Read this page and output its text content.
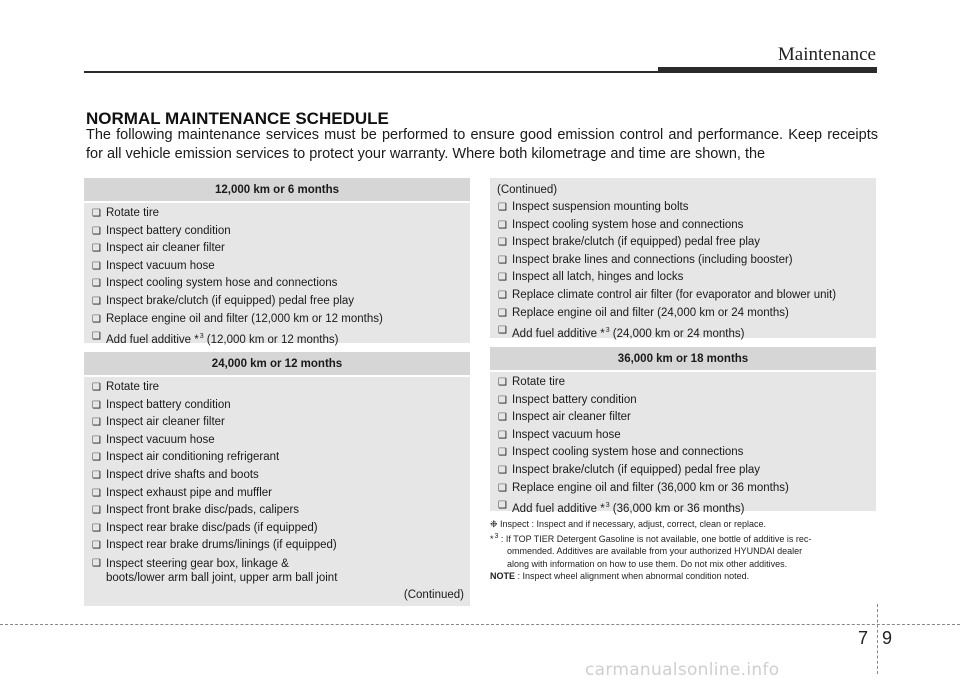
Maintenance
NORMAL MAINTENANCE SCHEDULE
The following maintenance services must be performed to ensure good emission control and performance. Keep receipts for all vehicle emission services to protect your warranty. Where both kilometrage and time are shown, the
12,000 km or 6 months
❑ Rotate tire
❑ Inspect battery condition
❑ Inspect air cleaner filter
❑ Inspect vacuum hose
❑ Inspect cooling system hose and connections
❑ Inspect brake/clutch (if equipped) pedal free play
❑ Replace engine oil and filter (12,000 km or 12 months)
❑ Add fuel additive *$^3$ (12,000 km or 12 months)
24,000 km or 12 months
❑ Rotate tire
❑ Inspect battery condition
❑ Inspect air cleaner filter
❑ Inspect vacuum hose
❑ Inspect air conditioning refrigerant
❑ Inspect drive shafts and boots
❑ Inspect exhaust pipe and muffler
❑ Inspect front brake disc/pads, calipers
❑ Inspect rear brake disc/pads (if equipped)
❑ Inspect rear brake drums/linings (if equipped)
❑ Inspect steering gear box, linkage &
boots/lower arm ball joint, upper arm ball joint
(Continued)
(Continued)
❑ Inspect suspension mounting bolts
❑ Inspect cooling system hose and connections
❑ Inspect brake/clutch (if equipped) pedal free play
❑ Inspect brake lines and connections (including booster)
❑ Inspect all latch, hinges and locks
❑ Replace climate control air filter (for evaporator and blower unit)
❑ Replace engine oil and filter (24,000 km or 24 months)
❑ Add fuel additive *$^3$ (24,000 km or 24 months)
36,000 km or 18 months
❑ Rotate tire
❑ Inspect battery condition
❑ Inspect air cleaner filter
❑ Inspect vacuum hose
❑ Inspect cooling system hose and connections
❑ Inspect brake/clutch (if equipped) pedal free play
❑ Replace engine oil and filter (36,000 km or 36 months)
❑ Add fuel additive *$^3$ (36,000 km or 36 months)
❉ Inspect : Inspect and if necessary, adjust, correct, clean or replace.
*$^3$ : If TOP TIER Detergent Gasoline is not available, one bottle of additive is rec-
ommended. Additives are available from your authorized HYUNDAI dealer
along with information on how to use them. Do not mix other additives.
NOTE : Inspect wheel alignment when abnormal condition noted.
7 9
carmanualsonline.info
